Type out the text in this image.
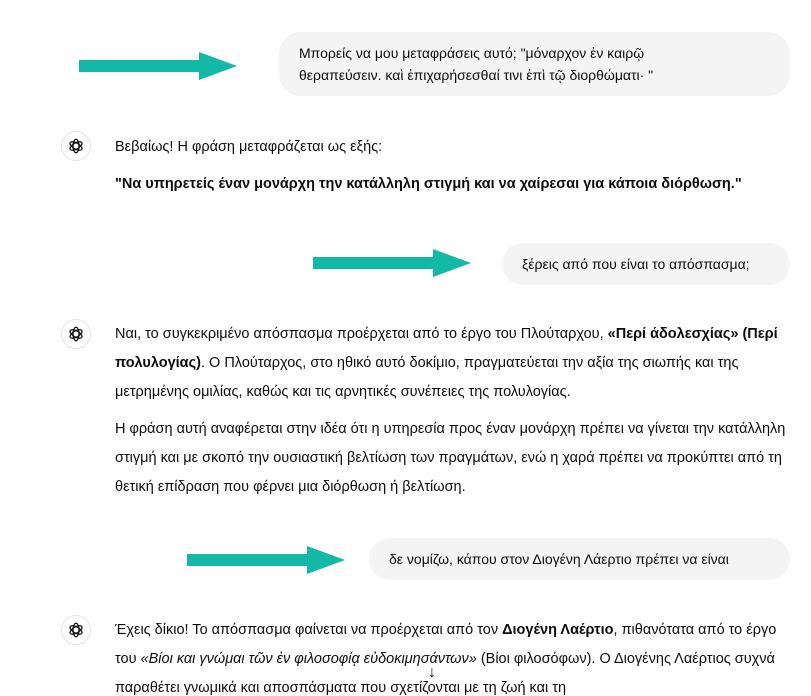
Μπορείς να μου μεταφράσεις αυτό; "μόναρχον ἐν καιρῷ
θεραπεύσειν. καὶ ἐπιχαρήσεσθαί τινι ἐπὶ τῷ διορθώματι· "

Βεβαίως! Η φράση μεταφράζεται ως εξής:

"Να υπηρετείς έναν μονάρχη την κατάλληλη στιγμή και να χαίρεσαι για κάποια διόρθωση."

ξέρεις από που είναι το απόσπασμα;

Ναι, το συγκεκριμένο απόσπασμα προέρχεται από το έργο του Πλούταρχου, «Περί άδολεσχίας» (Περί πολυλογίας). Ο Πλούταρχος, στο ηθικό αυτό δοκίμιο, πραγματεύεται την αξία της σιωπής και της μετρημένης ομιλίας, καθώς και τις αρνητικές συνέπειες της πολυλογίας.

Η φράση αυτή αναφέρεται στην ιδέα ότι η υπηρεσία προς έναν μονάρχη πρέπει να γίνεται την κατάλληλη στιγμή και με σκοπό την ουσιαστική βελτίωση των πραγμάτων, ενώ η χαρά πρέπει να προκύπτει από τη θετική επίδραση που φέρνει μια διόρθωση ή βελτίωση.

δε νομίζω, κάπου στον Διογένη Λάερτιο πρέπει να είναι

Έχεις δίκιο! Το απόσπασμα φαίνεται να προέρχεται από τον Διογένη Λαέρτιο, πιθανότατα από το έργο του «Βίοι και γνώμαι τῶν ἐν φιλοσοφίᾳ εὐδοκιμησάντων» (Βίοι φιλοσόφων). Ο Διογένης Λαέρτιος συχνά παραθέτει γνωμικά και αποσπάσματα που σχετίζονται με τη ζωή και τη

↓
